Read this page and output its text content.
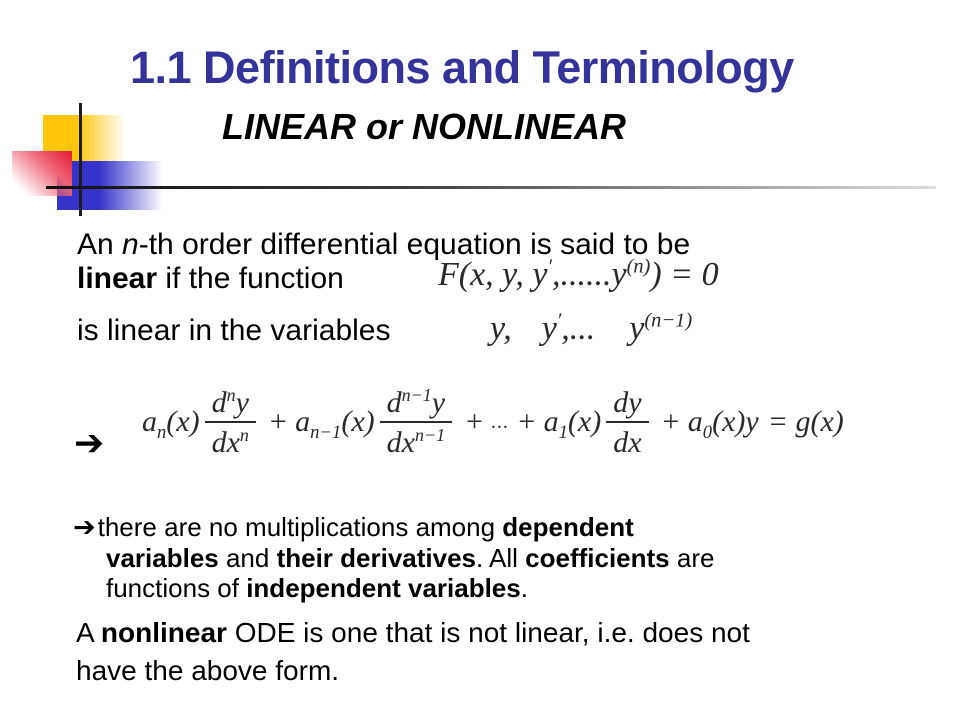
1.1 Definitions and Terminology
LINEAR or NONLINEAR
An n-th order differential equation is said to be
linear if the function	F(x, y, $y',......y^{(n)}) = 0$
is linear in the variables	y, y′,... $y^{(n-1)}$
➔
$a_n(x) \frac{d^ny}{dx^n} + a_{n-1}(x) \frac{d^{n-1}y}{dx^{n-1}}$ + ... + $a_1(x) \frac{dy}{dx} + a_0(x)y = g(x)$
➔there are no multiplications among dependent
variables and their derivatives. All coefficients are
functions of independent variables.
A nonlinear ODE is one that is not linear, i.e. does not
have the above form.
